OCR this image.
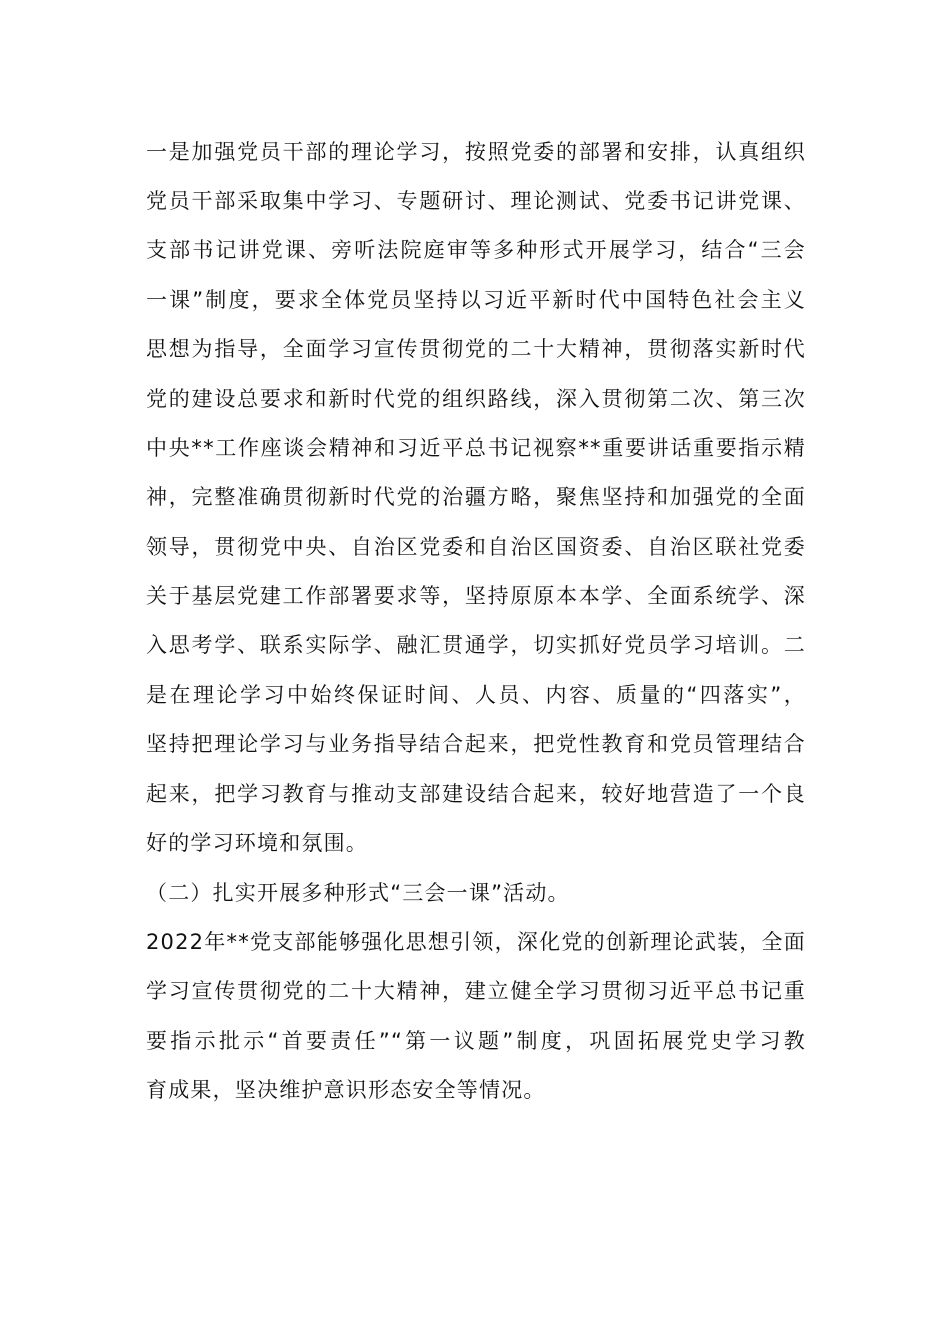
一是加强党员干部的理论学习，按照党委的部署和安排，认真组织
党员干部采取集中学习、专题研讨、理论测试、党委书记讲党课、
支部书记讲党课、旁听法院庭审等多种形式开展学习，结合“三会
一课”制度，要求全体党员坚持以习近平新时代中国特色社会主义
思想为指导，全面学习宣传贯彻党的二十大精神，贯彻落实新时代
党的建设总要求和新时代党的组织路线，深入贯彻第二次、第三次
中央**工作座谈会精神和习近平总书记视察**重要讲话重要指示精
神，完整准确贯彻新时代党的治疆方略，聚焦坚持和加强党的全面
领导，贯彻党中央、自治区党委和自治区国资委、自治区联社党委
关于基层党建工作部署要求等，坚持原原本本学、全面系统学、深
入思考学、联系实际学、融汇贯通学，切实抓好党员学习培训。二
是在理论学习中始终保证时间、人员、内容、质量的“四落实”，
坚持把理论学习与业务指导结合起来，把党性教育和党员管理结合
起来，把学习教育与推动支部建设结合起来，较好地营造了一个良
好的学习环境和氛围。
（二）扎实开展多种形式“三会一课”活动。
2022年**党支部能够强化思想引领，深化党的创新理论武装，全面
学习宣传贯彻党的二十大精神，建立健全学习贯彻习近平总书记重
要指示批示“首要责任”“第一议题”制度，巩固拓展党史学习教
育成果，坚决维护意识形态安全等情况。
